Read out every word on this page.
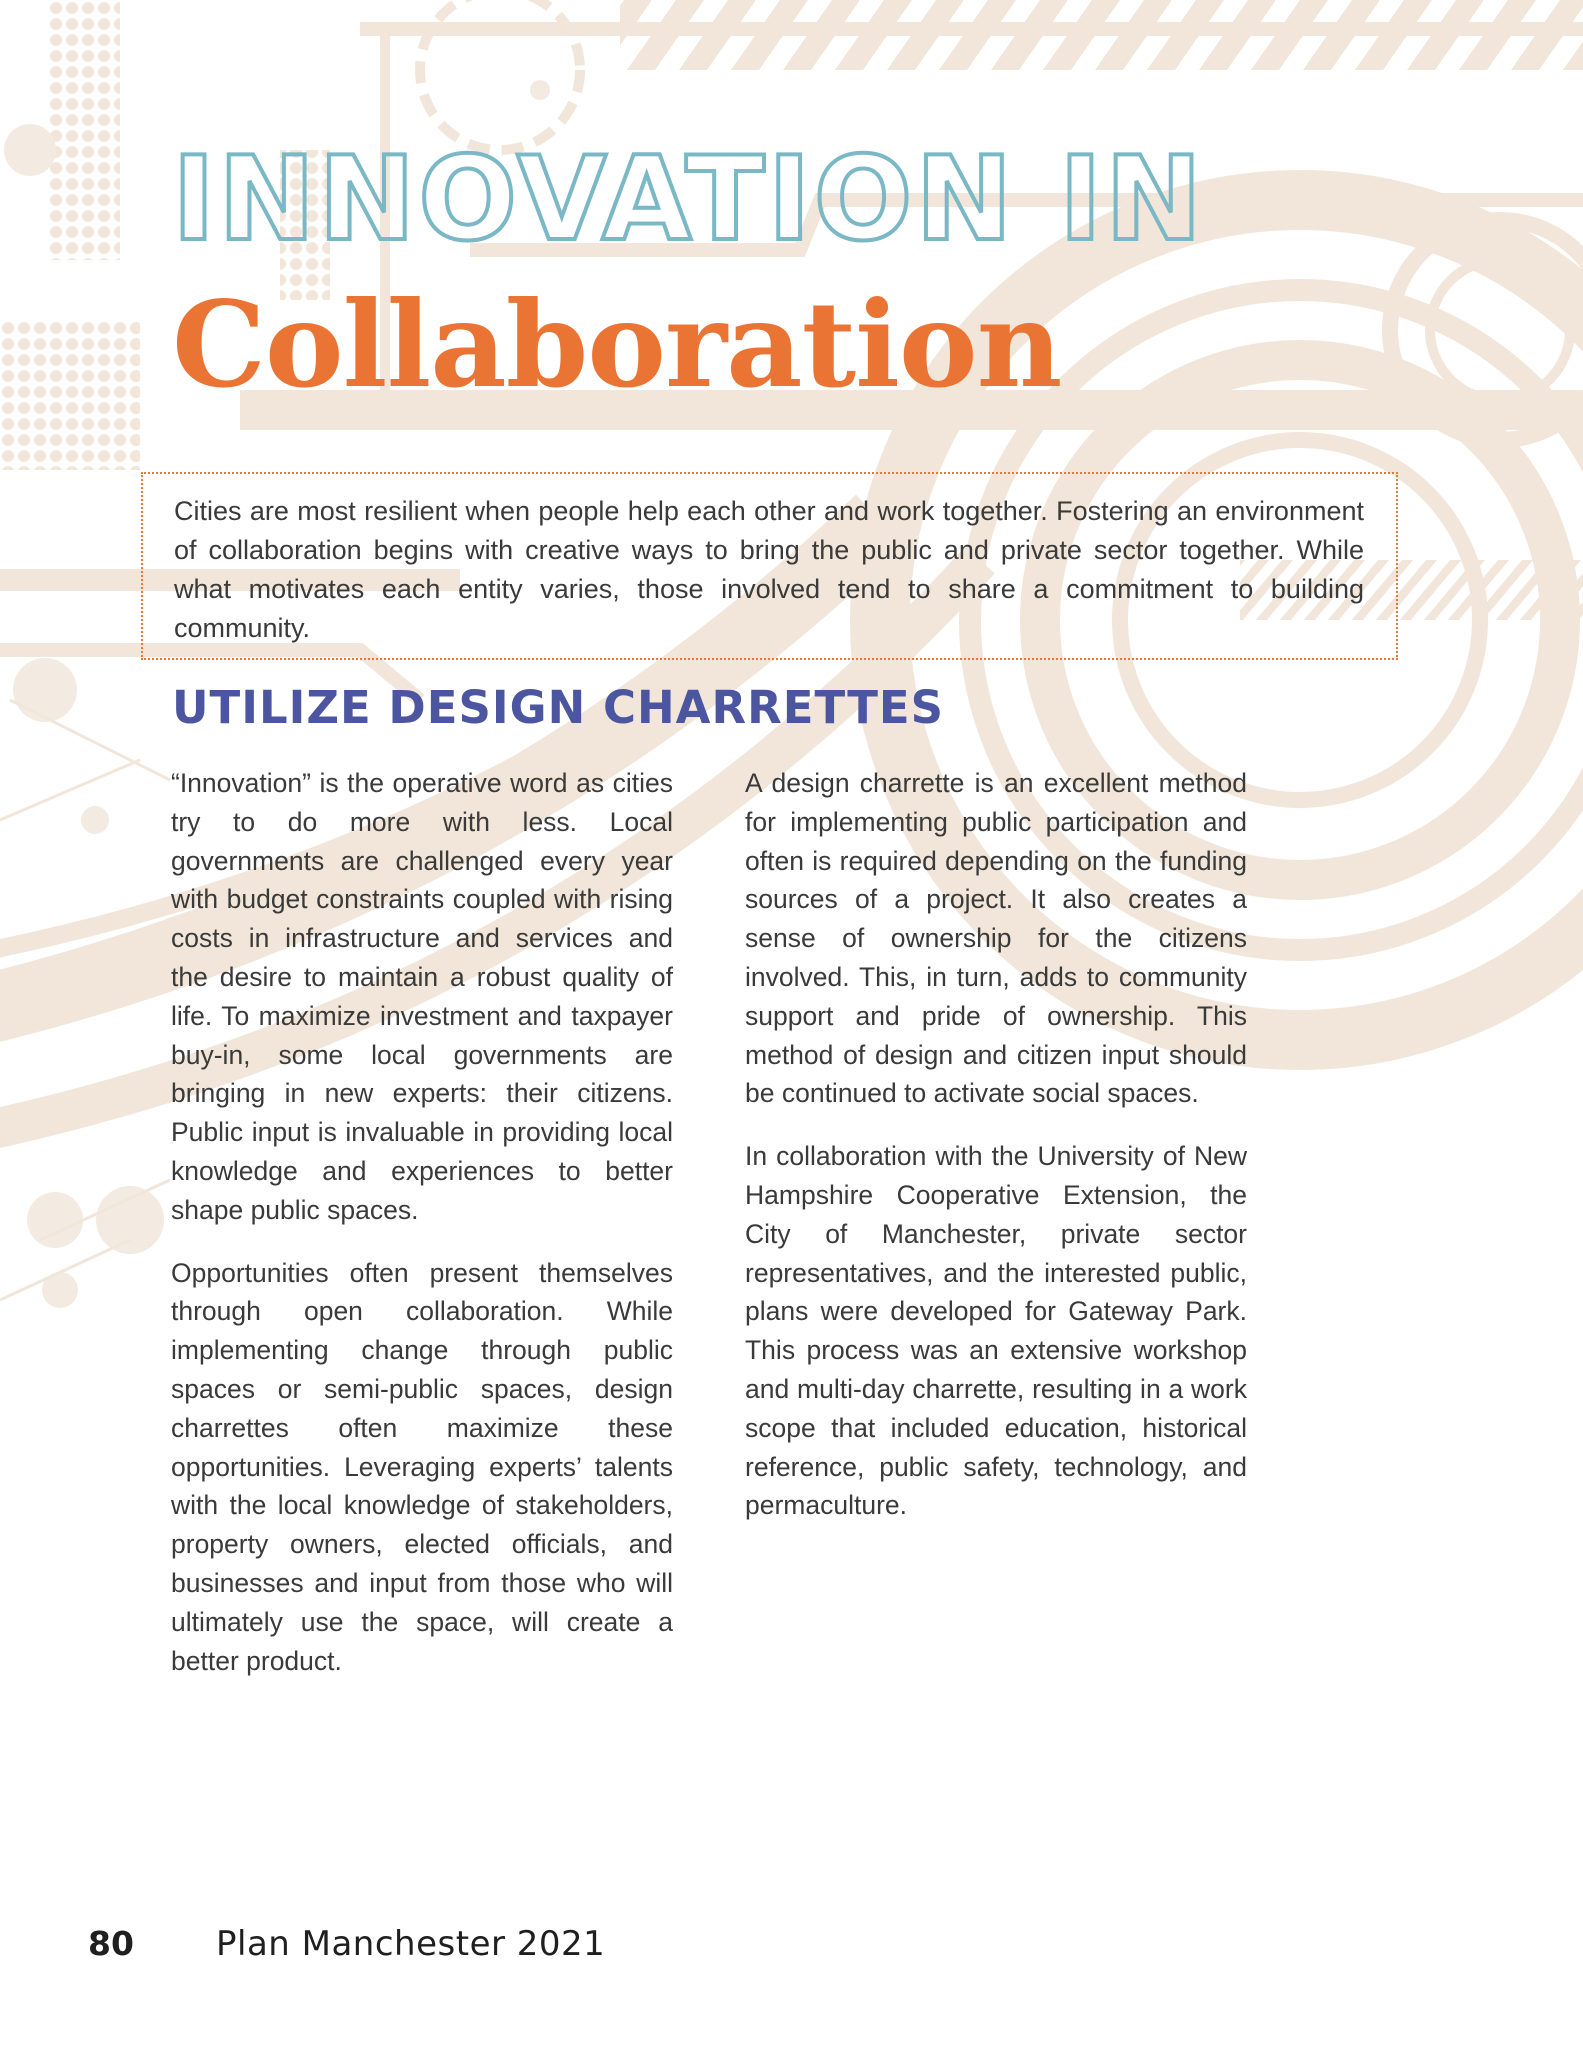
INNOVATION IN
Collaboration

Cities are most resilient when people help each other and work together. Fostering an environment of collaboration begins with creative ways to bring the public and private sector together. While what motivates each entity varies, those involved tend to share a commitment to building community.

UTILIZE DESIGN CHARRETTES

“Innovation” is the operative word as cities try to do more with less. Local governments are challenged every year with budget constraints coupled with rising costs in infrastructure and services and the desire to maintain a robust quality of life. To maximize investment and taxpayer buy-in, some local governments are bringing in new experts: their citizens. Public input is invaluable in providing local knowledge and experiences to better shape public spaces.

Opportunities often present themselves through open collaboration. While implementing change through public spaces or semi-public spaces, design charrettes often maximize these opportunities. Leveraging experts’ talents with the local knowledge of stakeholders, property owners, elected officials, and businesses and input from those who will ultimately use the space, will create a better product.

A design charrette is an excellent method for implementing public participation and often is required depending on the funding sources of a project. It also creates a sense of ownership for the citizens involved. This, in turn, adds to community support and pride of ownership. This method of design and citizen input should be continued to activate social spaces.

In collaboration with the University of New Hampshire Cooperative Extension, the City of Manchester, private sector representatives, and the interested public, plans were developed for Gateway Park. This process was an extensive workshop and multi-day charrette, resulting in a work scope that included education, historical reference, public safety, technology, and permaculture.

80 Plan Manchester 2021
